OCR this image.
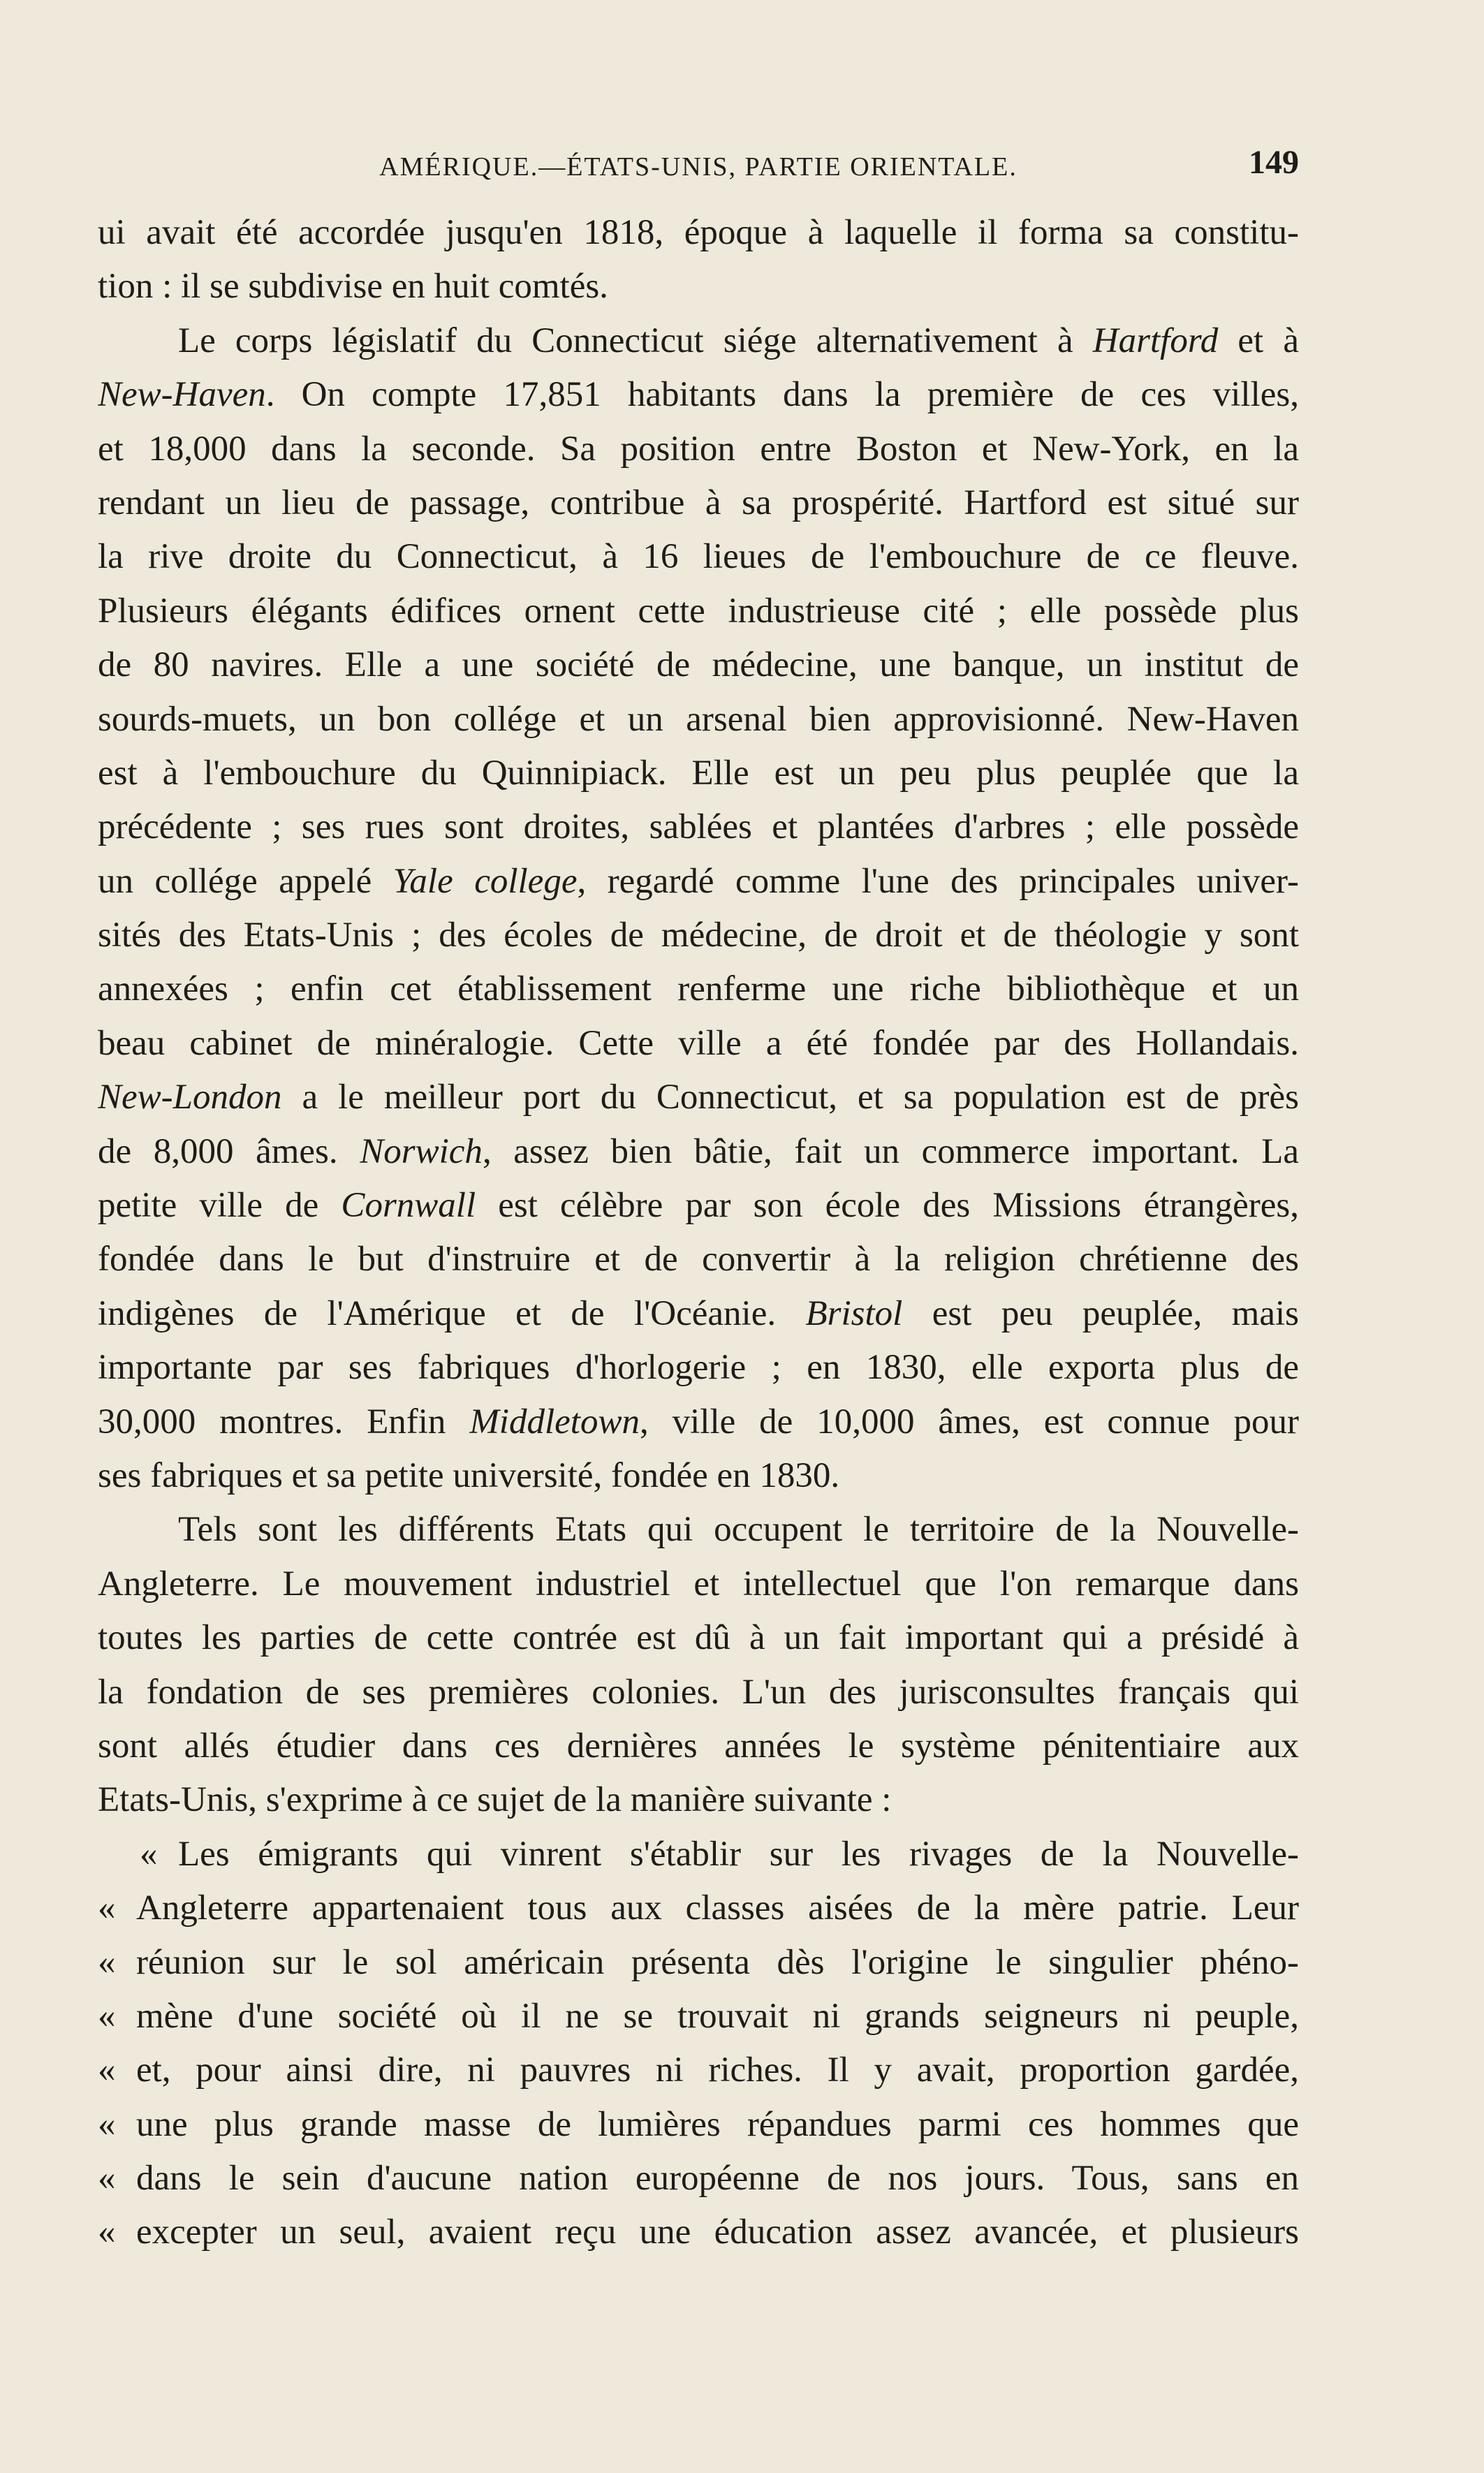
AMÉRIQUE.—ÉTATS-UNIS, PARTIE ORIENTALE.	149
ui avait été accordée jusqu'en 1818, époque à laquelle il forma sa constitu-
tion : il se subdivise en huit comtés.
Le corps législatif du Connecticut siége alternativement à Hartford et à
New-Haven. On compte 17,851 habitants dans la première de ces villes,
et 18,000 dans la seconde. Sa position entre Boston et New-York, en la
rendant un lieu de passage, contribue à sa prospérité. Hartford est situé sur
la rive droite du Connecticut, à 16 lieues de l'embouchure de ce fleuve.
Plusieurs élégants édifices ornent cette industrieuse cité ; elle possède plus
de 80 navires. Elle a une société de médecine, une banque, un institut de
sourds-muets, un bon collége et un arsenal bien approvisionné. New-Haven
est à l'embouchure du Quinnipiack. Elle est un peu plus peuplée que la
précédente ; ses rues sont droites, sablées et plantées d'arbres ; elle possède
un collége appelé Yale college, regardé comme l'une des principales univer-
sités des Etats-Unis ; des écoles de médecine, de droit et de théologie y sont
annexées ; enfin cet établissement renferme une riche bibliothèque et un
beau cabinet de minéralogie. Cette ville a été fondée par des Hollandais.
New-London a le meilleur port du Connecticut, et sa population est de près
de 8,000 âmes. Norwich, assez bien bâtie, fait un commerce important. La
petite ville de Cornwall est célèbre par son école des Missions étrangères,
fondée dans le but d'instruire et de convertir à la religion chrétienne des
indigènes de l'Amérique et de l'Océanie. Bristol est peu peuplée, mais
importante par ses fabriques d'horlogerie ; en 1830, elle exporta plus de
30,000 montres. Enfin Middletown, ville de 10,000 âmes, est connue pour
ses fabriques et sa petite université, fondée en 1830.
Tels sont les différents Etats qui occupent le territoire de la Nouvelle-
Angleterre. Le mouvement industriel et intellectuel que l'on remarque dans
toutes les parties de cette contrée est dû à un fait important qui a présidé à
la fondation de ses premières colonies. L'un des jurisconsultes français qui
sont allés étudier dans ces dernières années le système pénitentiaire aux
Etats-Unis, s'exprime à ce sujet de la manière suivante :
« Les émigrants qui vinrent s'établir sur les rivages de la Nouvelle-
« Angleterre appartenaient tous aux classes aisées de la mère patrie. Leur
« réunion sur le sol américain présenta dès l'origine le singulier phéno-
« mène d'une société où il ne se trouvait ni grands seigneurs ni peuple,
« et, pour ainsi dire, ni pauvres ni riches. Il y avait, proportion gardée,
« une plus grande masse de lumières répandues parmi ces hommes que
« dans le sein d'aucune nation européenne de nos jours. Tous, sans en
« excepter un seul, avaient reçu une éducation assez avancée, et plusieurs
